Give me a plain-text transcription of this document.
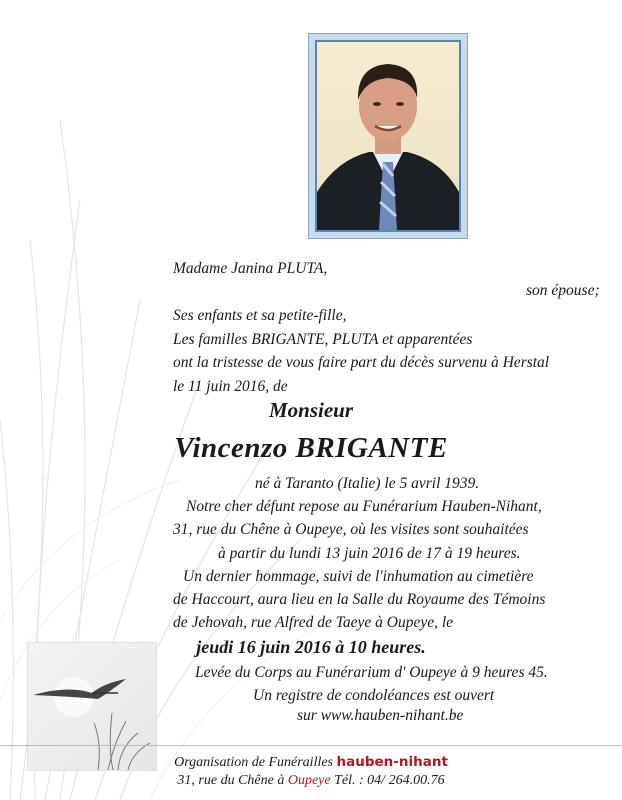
Madame Janina PLUTA,
son épouse;
Ses enfants et sa petite-fille,
Les familles BRIGANTE, PLUTA et apparentées
ont la tristesse de vous faire part du décès survenu à Herstal
le 11 juin 2016, de
Monsieur
Vincenzo BRIGANTE
né à Taranto (Italie) le 5 avril 1939.
Notre cher défunt repose au Funérarium Hauben-Nihant,
31, rue du Chêne à Oupeye, où les visites sont souhaitées
à partir du lundi 13 juin 2016 de 17 à 19 heures.
Un dernier hommage, suivi de l'inhumation au cimetière
de Haccourt, aura lieu en la Salle du Royaume des Témoins
de Jehovah, rue Alfred de Taeye à Oupeye, le
jeudi 16 juin 2016 à 10 heures.
Levée du Corps au Funérarium d' Oupeye à 9 heures 45.
Un registre de condoléances est ouvert
sur www.hauben-nihant.be
Organisation de Funérailles hauben-nihant
31, rue du Chêne à Oupeye Tél. : 04/ 264.00.76
